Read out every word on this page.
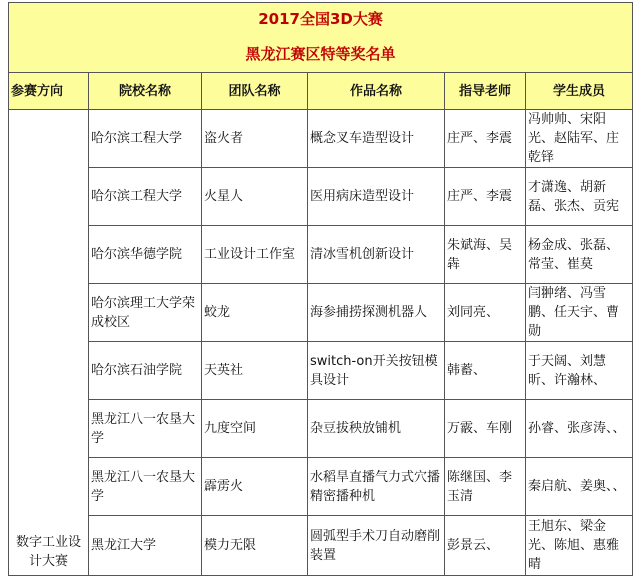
2017全国3D大赛					
黑龙江赛区特等奖名单					
参赛方向	院校名称	团队名称	作品名称	指导老师	学生成员
数字工业设计大赛	哈尔滨工程大学	盗火者	概念叉车造型设计	庄严、李震	冯帅帅、宋阳光、赵陆军、庄乾铎
	哈尔滨工程大学	火星人	医用病床造型设计	庄严、李震	才潇逸、胡新磊、张杰、贡宪
	哈尔滨华德学院	工业设计工作室	清冰雪机创新设计	朱斌海、吴犇	杨金成、张磊、常莹、崔莫
	哈尔滨理工大学荣成校区	蛟龙	海参捕捞探测机器人	刘同亮、	闫翀绪、冯雪鹏、任天宇、曹勋
	哈尔滨石油学院	天英社	switch-on开关按钮模具设计	韩蓄、	于天阔、刘慧昕、许瀚林、
	黑龙江八一农垦大学	九度空间	杂豆拔秧放铺机	万霰、车刚	孙睿、张彦涛、、
	黑龙江八一农垦大学	霹雳火	水稻旱直播气力式穴播精密播种机	陈继国、李玉清	秦启航、姜奥、、
	黑龙江大学	模力无限	圆弧型手术刀自动磨削装置	彭景云、	王旭东、梁金光、陈旭、惠雅晴
